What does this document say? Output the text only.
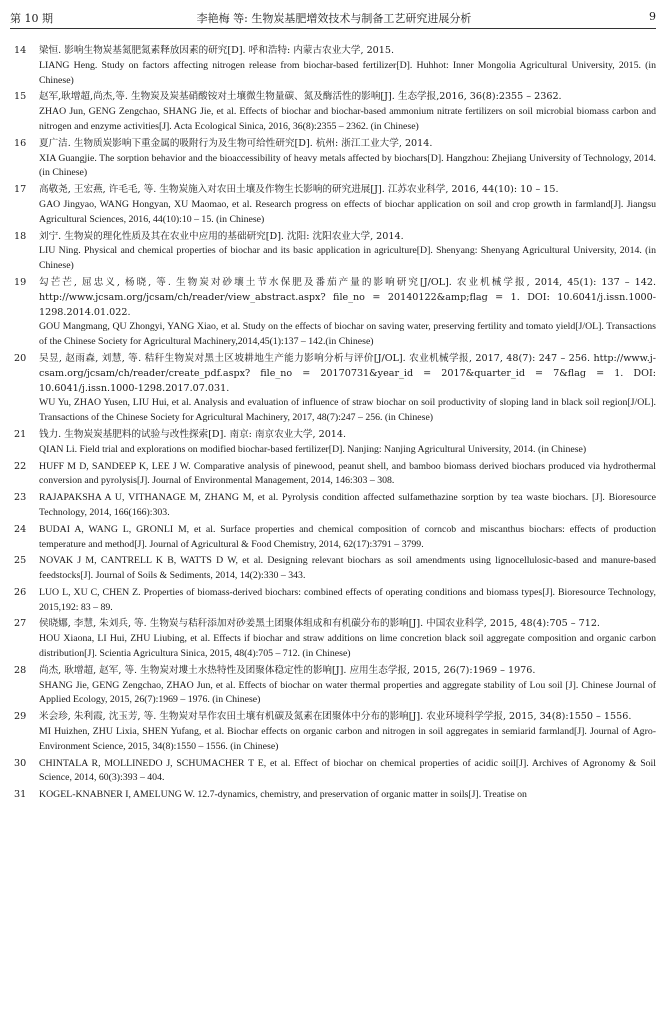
第 10 期	李艳梅 等: 生物炭基肥增效技术与制备工艺研究进展分析	9
14	梁恒. 影响生物炭基氮肥氮素释放因素的研究[D]. 呼和浩特: 内蒙古农业大学, 2015.
LIANG Heng. Study on factors affecting nitrogen release from biochar-based fertilizer[D]. Huhhot: Inner Mongolia Agricultural University, 2015. (in Chinese)
15	赵军,耿增超,尚杰,等. 生物炭及炭基硝酸铵对土壤微生物量碳、氮及酶活性的影响[J]. 生态学报,2016, 36(8):2355 – 2362.
ZHAO Jun, GENG Zengchao, SHANG Jie, et al. Effects of biochar and biochar-based ammonium nitrate fertilizers on soil microbial biomass carbon and nitrogen and enzyme activities[J]. Acta Ecological Sinica, 2016, 36(8):2355 – 2362. (in Chinese)
16	夏广洁. 生物质炭影响下重金属的吸附行为及生物可给性研究[D]. 杭州: 浙江工业大学, 2014.
XIA Guangjie. The sorption behavior and the bioaccessibility of heavy metals affected by biochars[D]. Hangzhou: Zhejiang University of Technology, 2014. (in Chinese)
17	高敬尧, 王宏燕, 许毛毛, 等. 生物炭施入对农田土壤及作物生长影响的研究进展[J]. 江苏农业科学, 2016, 44(10): 10 – 15.
GAO Jingyao, WANG Hongyan, XU Maomao, et al. Research progress on effects of biochar application on soil and crop growth in farmland[J]. Jiangsu Agricultural Sciences, 2016, 44(10):10 – 15. (in Chinese)
18	刘宁. 生物炭的理化性质及其在农业中应用的基础研究[D]. 沈阳: 沈阳农业大学, 2014.
LIU Ning. Physical and chemical properties of biochar and its basic application in agriculture[D]. Shenyang: Shenyang Agricultural University, 2014. (in Chinese)
19	勾芒芒, 屈忠义, 杨晓, 等. 生物炭对砂壤土节水保肥及番茄产量的影响研究[J/OL]. 农业机械学报, 2014, 45(1): 137 – 142. http://www.jcsam.org/jcsam/ch/reader/view_abstract.aspx? file_no = 20140122&amp;flag = 1. DOI: 10.6041/j.issn.1000-1298.2014.01.022.
GOU Mangmang, QU Zhongyi, YANG Xiao, et al. Study on the effects of biochar on saving water, preserving fertility and tomato yield[J/OL]. Transactions of the Chinese Society for Agricultural Machinery,2014,45(1):137 – 142.(in Chinese)
20	吴昱, 赵雨森, 刘慧, 等. 秸秆生物炭对黑土区坡耕地生产能力影响分析与评价[J/OL]. 农业机械学报, 2017, 48(7): 247 – 256. http://www.j-csam.org/jcsam/ch/reader/create_pdf.aspx? file_no = 20170731&year_id = 2017&quarter_id = 7&flag = 1. DOI: 10.6041/j.issn.1000-1298.2017.07.031.
WU Yu, ZHAO Yusen, LIU Hui, et al. Analysis and evaluation of influence of straw biochar on soil productivity of sloping land in black soil region[J/OL]. Transactions of the Chinese Society for Agricultural Machinery, 2017, 48(7):247 – 256. (in Chinese)
21	钱力. 生物炭炭基肥料的试验与改性探索[D]. 南京: 南京农业大学, 2014.
QIAN Li. Field trial and explorations on modified biochar-based fertilizer[D]. Nanjing: Nanjing Agricultural University, 2014. (in Chinese)
22	HUFF M D, SANDEEP K, LEE J W. Comparative analysis of pinewood, peanut shell, and bamboo biomass derived biochars produced via hydrothermal conversion and pyrolysis[J]. Journal of Environmental Management, 2014, 146:303 – 308.
23	RAJAPAKSHA A U, VITHANAGE M, ZHANG M, et al. Pyrolysis condition affected sulfamethazine sorption by tea waste biochars. [J]. Bioresource Technology, 2014, 166(166):303.
24	BUDAI A, WANG L, GRONLI M, et al. Surface properties and chemical composition of corncob and miscanthus biochars: effects of production temperature and method[J]. Journal of Agricultural & Food Chemistry, 2014, 62(17):3791 – 3799.
25	NOVAK J M, CANTRELL K B, WATTS D W, et al. Designing relevant biochars as soil amendments using lignocellulosic-based and manure-based feedstocks[J]. Journal of Soils & Sediments, 2014, 14(2):330 – 343.
26	LUO L, XU C, CHEN Z. Properties of biomass-derived biochars: combined effects of operating conditions and biomass types[J]. Bioresource Technology, 2015,192: 83 – 89.
27	侯晓娜, 李慧, 朱刘兵, 等. 生物炭与秸秆添加对砂姜黑土团聚体组成和有机碳分布的影响[J]. 中国农业科学, 2015, 48(4):705 – 712.
HOU Xiaona, LI Hui, ZHU Liubing, et al. Effects if biochar and straw additions on lime concretion black soil aggregate composition and organic carbon distribution[J]. Scientia Agricultura Sinica, 2015, 48(4):705 – 712. (in Chinese)
28	尚杰, 耿增超, 赵军, 等. 生物炭对塿土水热特性及团聚体稳定性的影响[J]. 应用生态学报, 2015, 26(7):1969 – 1976.
SHANG Jie, GENG Zengchao, ZHAO Jun, et al. Effects of biochar on water thermal properties and aggregate stability of Lou soil [J]. Chinese Journal of Applied Ecology, 2015, 26(7):1969 – 1976. (in Chinese)
29	米会珍, 朱利霞, 沈玉芳, 等. 生物炭对旱作农田土壤有机碳及氮素在团聚体中分布的影响[J]. 农业环境科学学报, 2015, 34(8):1550 – 1556.
MI Huizhen, ZHU Lixia, SHEN Yufang, et al. Biochar effects on organic carbon and nitrogen in soil aggregates in semiarid farmland[J]. Journal of Agro-Environment Science, 2015, 34(8):1550 – 1556. (in Chinese)
30	CHINTALA R, MOLLINEDO J, SCHUMACHER T E, et al. Effect of biochar on chemical properties of acidic soil[J]. Archives of Agronomy & Soil Science, 2014, 60(3):393 – 404.
31	KOGEL-KNABNER I, AMELUNG W. 12.7-dynamics, chemistry, and preservation of organic matter in soils[J]. Treatise on
